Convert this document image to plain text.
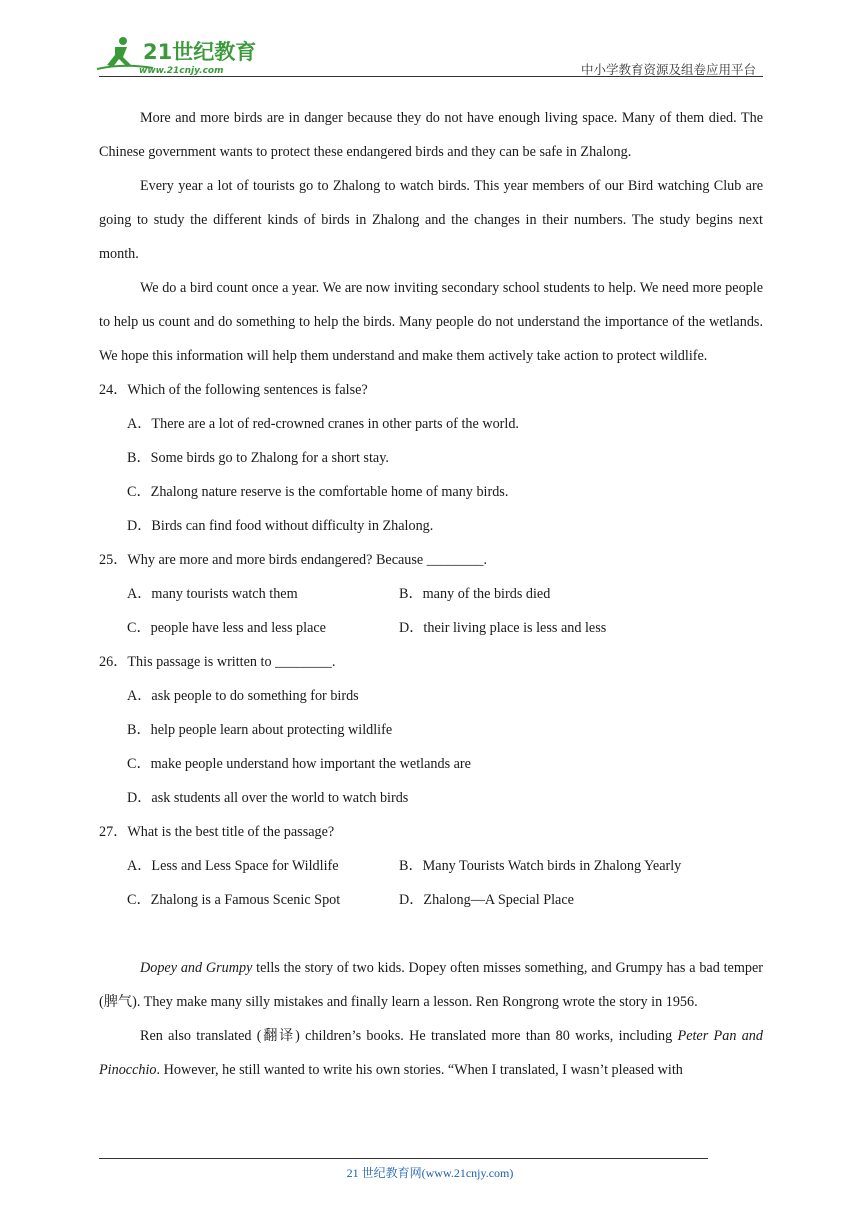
21世纪教育
www.21cnjy.com	中小学教育资源及组卷应用平台

More and more birds are in danger because they do not have enough living space. Many of them died. The Chinese government wants to protect these endangered birds and they can be safe in Zhalong.

Every year a lot of tourists go to Zhalong to watch birds. This year members of our Bird watching Club are going to study the different kinds of birds in Zhalong and the changes in their numbers. The study begins next month.

We do a bird count once a year. We are now inviting secondary school students to help. We need more people to help us count and do something to help the birds. Many people do not understand the importance of the wetlands. We hope this information will help them understand and make them actively take action to protect wildlife.

24．Which of the following sentences is false?

A．There are a lot of red-crowned cranes in other parts of the world.

B．Some birds go to Zhalong for a short stay.

C．Zhalong nature reserve is the comfortable home of many birds.

D．Birds can find food without difficulty in Zhalong.

25．Why are more and more birds endangered? Because ________.

A．many tourists watch them	B．many of the birds died
C．people have less and less place	D．their living place is less and less

26．This passage is written to ________.

A．ask people to do something for birds

B．help people learn about protecting wildlife

C．make people understand how important the wetlands are

D．ask students all over the world to watch birds

27．What is the best title of the passage?

A．Less and Less Space for Wildlife	B．Many Tourists Watch birds in Zhalong Yearly
C．Zhalong is a Famous Scenic Spot	D．Zhalong—A Special Place

Dopey and Grumpy tells the story of two kids. Dopey often misses something, and Grumpy has a bad temper (脾气). They make many silly mistakes and finally learn a lesson. Ren Rongrong wrote the story in 1956.

Ren also translated (翻译) children’s books. He translated more than 80 works, including Peter Pan and Pinocchio. However, he still wanted to write his own stories. “When I translated, I wasn’t pleased with

21 世纪教育网(www.21cnjy.com)
